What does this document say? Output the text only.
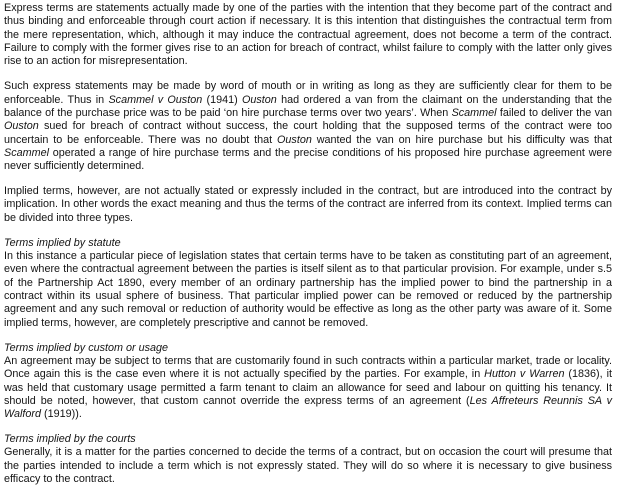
Express terms are statements actually made by one of the parties with the intention that they become part of the contract and thus binding and enforceable through court action if necessary. It is this intention that distinguishes the contractual term from the mere representation, which, although it may induce the contractual agreement, does not become a term of the contract. Failure to comply with the former gives rise to an action for breach of contract, whilst failure to comply with the latter only gives rise to an action for misrepresentation.

Such express statements may be made by word of mouth or in writing as long as they are sufficiently clear for them to be enforceable. Thus in Scammel v Ouston (1941) Ouston had ordered a van from the claimant on the understanding that the balance of the purchase price was to be paid ‘on hire purchase terms over two years’. When Scammel failed to deliver the van Ouston sued for breach of contract without success, the court holding that the supposed terms of the contract were too uncertain to be enforceable. There was no doubt that Ouston wanted the van on hire purchase but his difficulty was that Scammel operated a range of hire purchase terms and the precise conditions of his proposed hire purchase agreement were never sufficiently determined.

Implied terms, however, are not actually stated or expressly included in the contract, but are introduced into the contract by implication. In other words the exact meaning and thus the terms of the contract are inferred from its context. Implied terms can be divided into three types.

Terms implied by statute

In this instance a particular piece of legislation states that certain terms have to be taken as constituting part of an agreement, even where the contractual agreement between the parties is itself silent as to that particular provision. For example, under s.5 of the Partnership Act 1890, every member of an ordinary partnership has the implied power to bind the partnership in a contract within its usual sphere of business. That particular implied power can be removed or reduced by the partnership agreement and any such removal or reduction of authority would be effective as long as the other party was aware of it. Some implied terms, however, are completely prescriptive and cannot be removed.

Terms implied by custom or usage

An agreement may be subject to terms that are customarily found in such contracts within a particular market, trade or locality. Once again this is the case even where it is not actually specified by the parties. For example, in Hutton v Warren (1836), it was held that customary usage permitted a farm tenant to claim an allowance for seed and labour on quitting his tenancy. It should be noted, however, that custom cannot override the express terms of an agreement (Les Affreteurs Reunnis SA v Walford (1919)).

Terms implied by the courts

Generally, it is a matter for the parties concerned to decide the terms of a contract, but on occasion the court will presume that the parties intended to include a term which is not expressly stated. They will do so where it is necessary to give business efficacy to the contract.
